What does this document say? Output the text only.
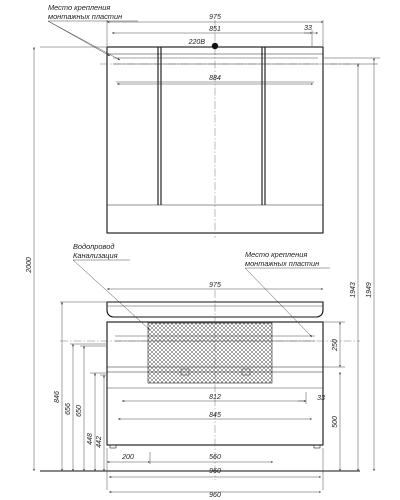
975
851	33
220В
884
Место крепления
монтажных пластин
975
812	33
845
200	560
960
960
250
500
Водопровод
Канализация	Место крепления
монтажных пластин
2000
846
656 650
448 442
1943 1949
